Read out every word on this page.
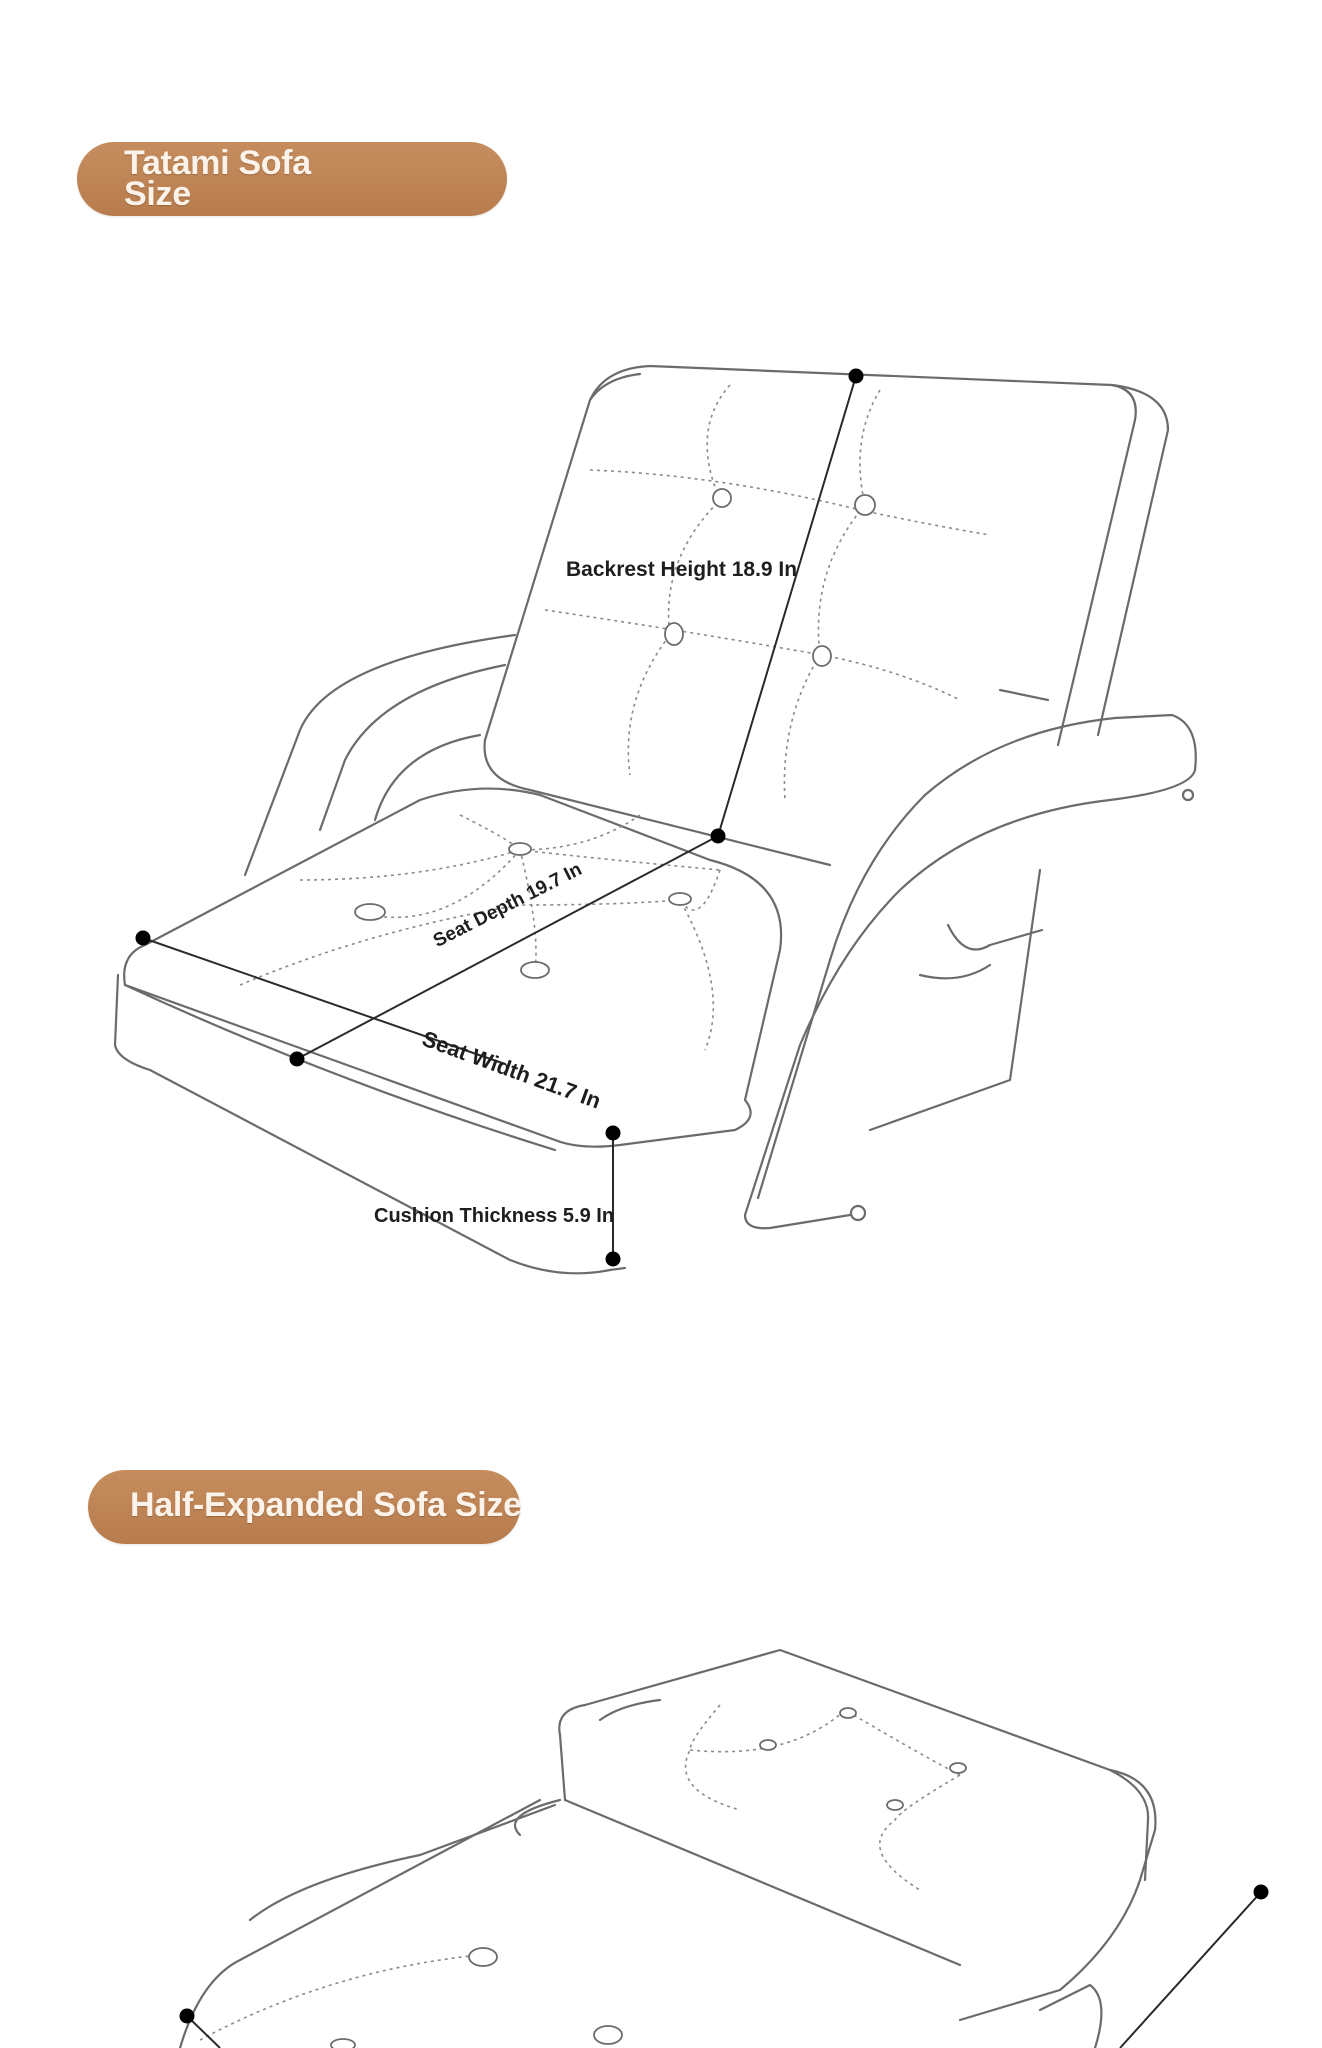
Tatami Sofa
Size
Half-Expanded Sofa Size
Backrest Height 18.9 In
Seat Depth 19.7 In
Seat Width 21.7 In
Cushion Thickness 5.9 In
